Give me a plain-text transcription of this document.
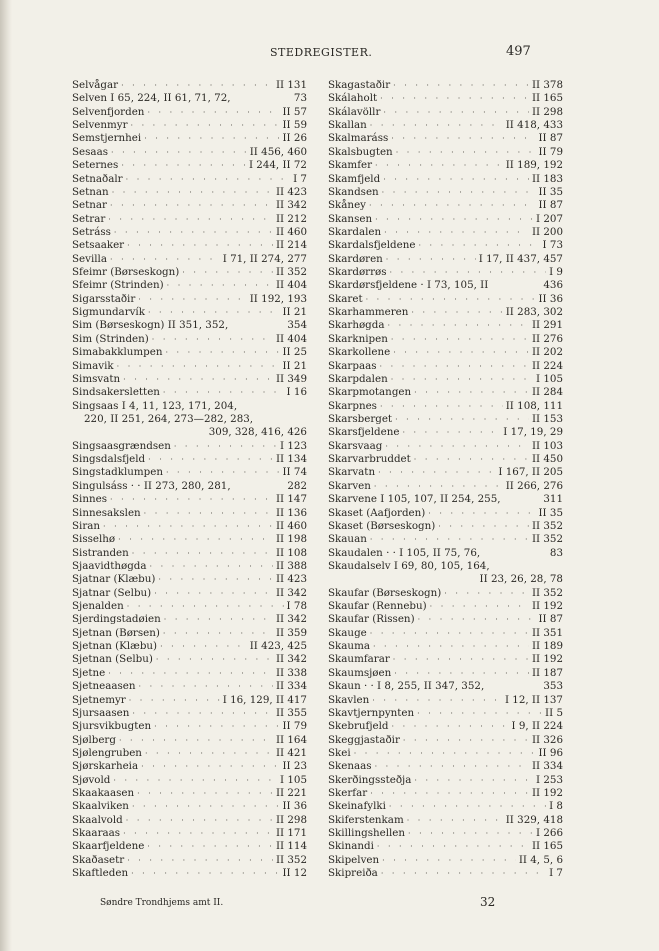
STEDREGISTER.	497
Selvågar · · ·	II 131
Selven I 65, 224, II 61, 71, 72,	73
Selvenfjorden · · ·	II 57
Selvenmyr · · ·	II 59
Semstjernhei · · ·	II 26
Sesaas · · ·	II 456, 460
Seternes · · ·	I 244, II 72
Setnaðalr · · ·	I 7
Setnan · · ·	II 423
Setnar · · ·	II 342
Setrar · · ·	II 212
Setráss · · ·	II 460
Setsaaker · · ·	II 214
Sevilla · · ·	I 71, II 274, 277
Sfeimr (Børseskogn) · · ·	II 352
Sfeimr (Strinden) · · ·	II 404
Sigarsstaðir · · ·	II 192, 193
Sigmundarvík · · ·	II 21
Sim (Børseskogn) II 351, 352,	354
Sim (Strinden) · · ·	II 404
Simabakklumpen · · ·	II 25
Simavik · · ·	II 21
Simsvatn · · ·	II 349
Sindsakersletten · · ·	I 16
Singsaas I 4, 11, 123, 171, 204,
220, II 251, 264, 273—282, 283,
309, 328, 416, 426
Singsaasgrændsen · · ·	I 123
Singsdalsfjeld · · ·	II 134
Singstadklumpen · · ·	II 74
Singulsáss · · II 273, 280, 281,	282
Sinnes · · ·	II 147
Sinnesakslen · · ·	II 136
Siran · · ·	II 460
Sisselhø · · ·	II 198
Sistranden · · ·	II 108
Sjaavidthøgda · · ·	II 388
Sjatnar (Klæbu) · · ·	II 423
Sjatnar (Selbu) · · ·	II 342
Sjenalden · · ·	I 78
Sjerdingstadøien · · ·	II 342
Sjetnan (Børsen) · · ·	II 359
Sjetnan (Klæbu) · · ·	II 423, 425
Sjetnan (Selbu) · · ·	II 342
Sjetne · · ·	II 338
Sjetneaasen · · ·	II 334
Sjetnemyr · · ·	I 16, 129, II 417
Sjursaasen · · ·	II 355
Sjursvikbugten · · ·	II 79
Sjølberg · · ·	II 164
Sjølengruben · · ·	II 421
Sjørskarheia · · ·	II 23
Sjøvold · · ·	I 105
Skaakaasen · · ·	II 221
Skaalviken · · ·	II 36
Skaalvold · · ·	II 298
Skaaraas · · ·	II 171
Skaarfjeldene · · ·	II 114
Skaðasetr · · ·	II 352
Skaftleden · · ·	II 12
Skagastaðir · · ·	II 378
Skálaholt · · ·	II 165
Skálavöllr · · ·	II 298
Skallan · · ·	II 418, 433
Skalmaráss · · ·	II 87
Skalsbugten · · ·	II 79
Skamfer · · ·	II 189, 192
Skamfjeld · · ·	II 183
Skandsen · · ·	II 35
Skåney · · ·	II 87
Skansen · · ·	I 207
Skardalen · · ·	II 200
Skardalsfjeldene · · ·	I 73
Skardøren · · ·	I 17, II 437, 457
Skardørrøs · · ·	I 9
Skardørsfjeldene · I 73, 105, II	436
Skaret · · ·	II 36
Skarhammeren · · ·	II 283, 302
Skarhøgda · · ·	II 291
Skarknipen · · ·	II 276
Skarkollene · · ·	II 202
Skarpaas · · ·	II 224
Skarpdalen · · ·	I 105
Skarpmotangen · · ·	II 284
Skarpnes · · ·	II 108, 111
Skarsberget · · ·	II 153
Skarsfjeldene · · ·	I 17, 19, 29
Skarsvaag · · ·	II 103
Skarvarbruddet · · ·	II 450
Skarvatn · · ·	I 167, II 205
Skarven · · ·	II 266, 276
Skarvene I 105, 107, II 254, 255,	311
Skaset (Aafjorden) · · ·	II 35
Skaset (Børseskogn) · · ·	II 352
Skauan · · ·	II 352
Skaudalen · · I 105, II 75, 76,	83
Skaudalselv I 69, 80, 105, 164,
II 23, 26, 28, 78
Skaufar (Børseskogn) · · ·	II 352
Skaufar (Rennebu) · · ·	II 192
Skaufar (Rissen) · · ·	II 87
Skauge · · ·	II 351
Skauma · · ·	II 189
Skaumfarar · · ·	II 192
Skaumsjøen · · ·	II 187
Skaun · · I 8, 255, II 347, 352,	353
Skavlen · · ·	I 12, II 137
Skavtjernpynten · · ·	II 5
Skebrufjeld · · ·	I 9, II 224
Skeggjastaðir · · ·	II 326
Skei · · ·	II 96
Skenaas · · ·	II 334
Skerðingssteðja · · ·	I 253
Skerfar · · ·	II 192
Skeinafylki · · ·	I 8
Skiferstenkam · · ·	II 329, 418
Skillingshellen · · ·	I 266
Skinandi · · ·	II 165
Skipelven · · ·	II 4, 5, 6
Skipreiða · · ·	I 7
Søndre Trondhjems amt II.	32
